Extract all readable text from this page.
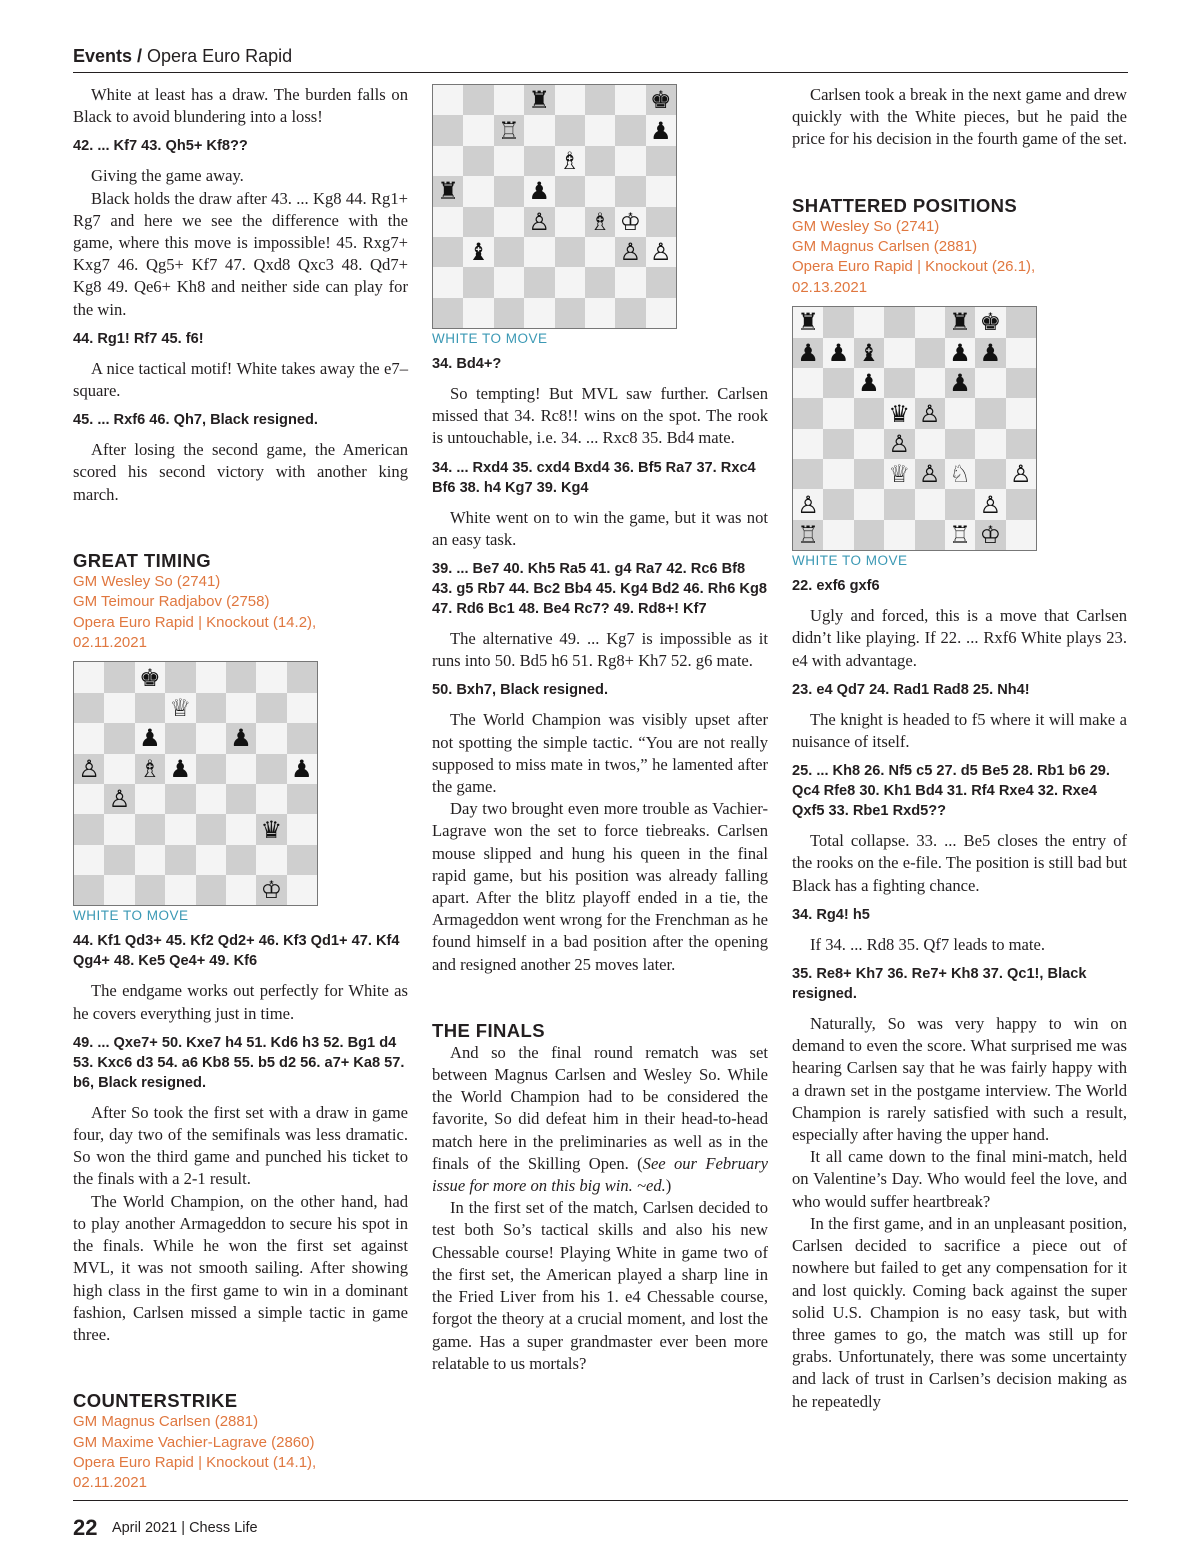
Events / Opera Euro Rapid

White at least has a draw. The burden falls on Black to avoid blundering into a loss!

42. ... Kf7 43. Qh5+ Kf8??

Giving the game away.

Black holds the draw after 43. ... Kg8 44. Rg1+ Rg7 and here we see the difference with the game, where this move is impossible! 45. Rxg7+ Kxg7 46. Qg5+ Kf7 47. Qxd8 Qxc3 48. Qd7+ Kg8 49. Qe6+ Kh8 and neither side can play for the win.

44. Rg1! Rf7 45. f6!

A nice tactical motif! White takes away the e7–square.

45. ... Rxf6 46. Qh7, Black resigned.

After losing the second game, the American scored his second victory with another king march.

GREAT TIMING
GM Wesley So (2741)
GM Teimour Radjabov (2758)
Opera Euro Rapid | Knockout (14.2),
02.11.2021
♚
♕
♟	♟
♙ ♗ ♟	♟
♙
♛
♔
WHITE TO MOVE

44. Kf1 Qd3+ 45. Kf2 Qd2+ 46. Kf3 Qd1+ 47. Kf4 Qg4+ 48. Ke5 Qe4+ 49. Kf6

The endgame works out perfectly for White as he covers everything just in time.

49. ... Qxe7+ 50. Kxe7 h4 51. Kd6 h3 52. Bg1 d4 53. Kxc6 d3 54. a6 Kb8 55. b5 d2 56. a7+ Ka8 57. b6, Black resigned.

After So took the first set with a draw in game four, day two of the semifinals was less dramatic. So won the third game and punched his ticket to the finals with a 2-1 result.

The World Champion, on the other hand, had to play another Armageddon to secure his spot in the finals. While he won the first set against MVL, it was not smooth sailing. After showing high class in the first game to win in a dominant fashion, Carlsen missed a simple tactic in game three.

COUNTERSTRIKE
GM Magnus Carlsen (2881)
GM Maxime Vachier-Lagrave (2860)
Opera Euro Rapid | Knockout (14.1),
02.11.2021
♜	♚
♖	♟
♗
♜	♟
♙ ♗ ♔
♝	♙ ♙
WHITE TO MOVE

34. Bd4+?

So tempting! But MVL saw further. Carlsen missed that 34. Rc8!! wins on the spot. The rook is untouchable, i.e. 34. ... Rxc8 35. Bd4 mate.

34. ... Rxd4 35. cxd4 Bxd4 36. Bf5 Ra7 37. Rxc4 Bf6 38. h4 Kg7 39. Kg4

White went on to win the game, but it was not an easy task.

39. ... Be7 40. Kh5 Ra5 41. g4 Ra7 42. Rc6 Bf8 43. g5 Rb7 44. Bc2 Bb4 45. Kg4 Bd2 46. Rh6 Kg8 47. Rd6 Bc1 48. Be4 Rc7? 49. Rd8+! Kf7

The alternative 49. ... Kg7 is impossible as it runs into 50. Bd5 h6 51. Rg8+ Kh7 52. g6 mate.

50. Bxh7, Black resigned.

The World Champion was visibly upset after not spotting the simple tactic. “You are not really supposed to miss mate in twos,” he lamented after the game.

Day two brought even more trouble as Vachier-Lagrave won the set to force tiebreaks. Carlsen mouse slipped and hung his queen in the final rapid game, but his position was already falling apart. After the blitz playoff ended in a tie, the Armageddon went wrong for the Frenchman as he found himself in a bad position after the opening and resigned another 25 moves later.

THE FINALS

And so the final round rematch was set between Magnus Carlsen and Wesley So. While the World Champion had to be considered the favorite, So did defeat him in their head-to-head match here in the preliminaries as well as in the finals of the Skilling Open. (See our February issue for more on this big win. ~ed.)

In the first set of the match, Carlsen decided to test both So’s tactical skills and also his new Chessable course! Playing White in game two of the first set, the American played a sharp line in the Fried Liver from his 1. e4 Chessable course, forgot the theory at a crucial moment, and lost the game. Has a super grandmaster ever been more relatable to us mortals?

Carlsen took a break in the next game and drew quickly with the White pieces, but he paid the price for his decision in the fourth game of the set.

SHATTERED POSITIONS
GM Wesley So (2741)
GM Magnus Carlsen (2881)
Opera Euro Rapid | Knockout (26.1),
02.13.2021
♜	♜ ♚
♟ ♟ ♝	♟ ♟
♟	♟
♛ ♙
♙
♕ ♙ ♘ ♙
♙	♙
♖	♖ ♔
WHITE TO MOVE

22. exf6 gxf6

Ugly and forced, this is a move that Carlsen didn’t like playing. If 22. ... Rxf6 White plays 23. e4 with advantage.

23. e4 Qd7 24. Rad1 Rad8 25. Nh4!

The knight is headed to f5 where it will make a nuisance of itself.

25. ... Kh8 26. Nf5 c5 27. d5 Be5 28. Rb1 b6 29. Qc4 Rfe8 30. Kh1 Bd4 31. Rf4 Rxe4 32. Rxe4 Qxf5 33. Rbe1 Rxd5??

Total collapse. 33. ... Be5 closes the entry of the rooks on the e-file. The position is still bad but Black has a fighting chance.

34. Rg4! h5

If 34. ... Rd8 35. Qf7 leads to mate.

35. Re8+ Kh7 36. Re7+ Kh8 37. Qc1!, Black resigned.

Naturally, So was very happy to win on demand to even the score. What surprised me was hearing Carlsen say that he was fairly happy with a drawn set in the postgame interview. The World Champion is rarely satisfied with such a result, especially after having the upper hand.

It all came down to the final mini-match, held on Valentine’s Day. Who would feel the love, and who would suffer heartbreak?

In the first game, and in an unpleasant position, Carlsen decided to sacrifice a piece out of nowhere but failed to get any compensation for it and lost quickly. Coming back against the super solid U.S. Champion is no easy task, but with three games to go, the match was still up for grabs. Unfortunately, there was some uncertainty and lack of trust in Carlsen’s decision making as he repeatedly

22 April 2021 | Chess Life
